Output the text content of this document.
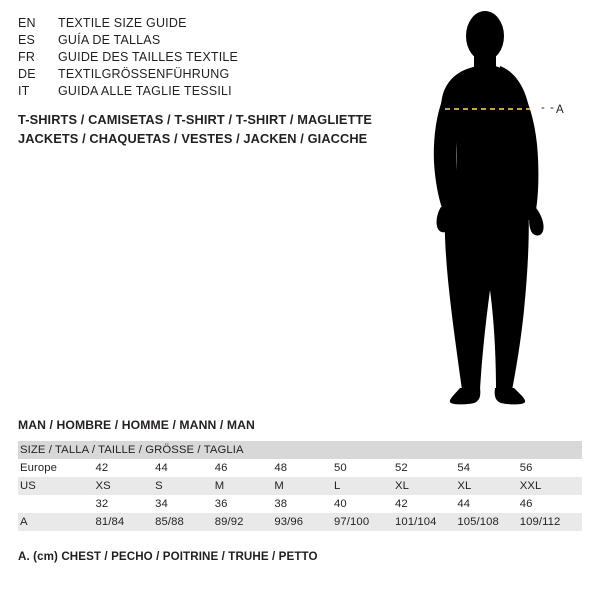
EN	TEXTILE SIZE GUIDE
ES	GUÍA DE TALLAS
FR	GUIDE DES TAILLES TEXTILE
DE	TEXTILGRÖSSENFÜHRUNG
IT	GUIDA ALLE TAGLIE TESSILI
T-SHIRTS / CAMISETAS / T-SHIRT / T-SHIRT / MAGLIETTE
JACKETS / CHAQUETAS / VESTES / JACKEN / GIACCHE
- - A
MAN / HOMBRE / HOMME / MANN / MAN
SIZE / TALLA / TAILLE / GRÖSSE / TAGLIA								
Europe	42	44	46	48	50	52	54	56
US	XS	S	M	M	L	XL	XL	XXL
	32	34	36	38	40	42	44	46
A	81/84	85/88	89/92	93/96	97/100	101/104	105/108	109/112
A. (cm) CHEST / PECHO / POITRINE / TRUHE / PETTO
